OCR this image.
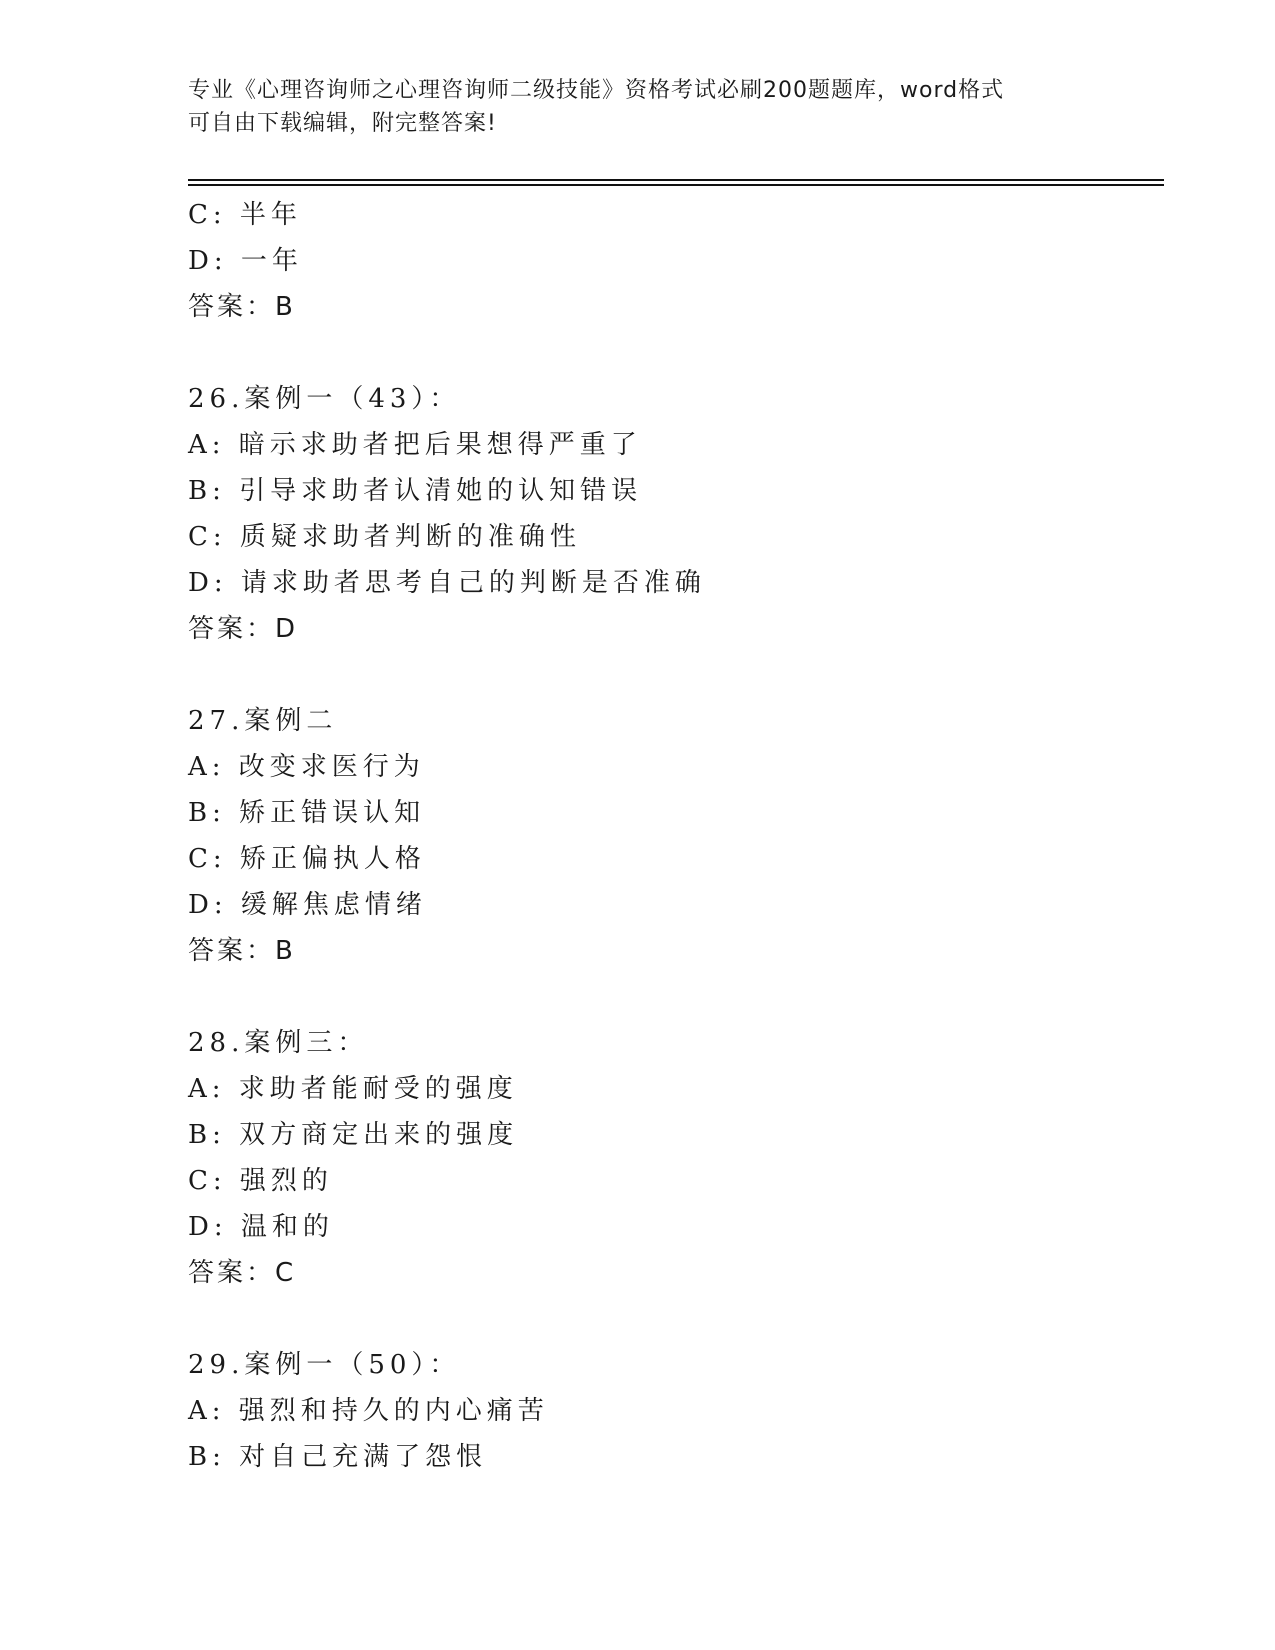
专业《心理咨询师之心理咨询师二级技能》资格考试必刷200题题库，word格式
可自由下载编辑，附完整答案!
C: 半年
D: 一年
答案：B
26.案例一（43）：
A: 暗示求助者把后果想得严重了
B: 引导求助者认清她的认知错误
C: 质疑求助者判断的准确性
D: 请求助者思考自己的判断是否准确
答案：D
27.案例二
A: 改变求医行为
B: 矫正错误认知
C: 矫正偏执人格
D: 缓解焦虑情绪
答案：B
28.案例三：
A: 求助者能耐受的强度
B: 双方商定出来的强度
C: 强烈的
D: 温和的
答案：C
29.案例一（50）：
A: 强烈和持久的内心痛苦
B: 对自己充满了怨恨
